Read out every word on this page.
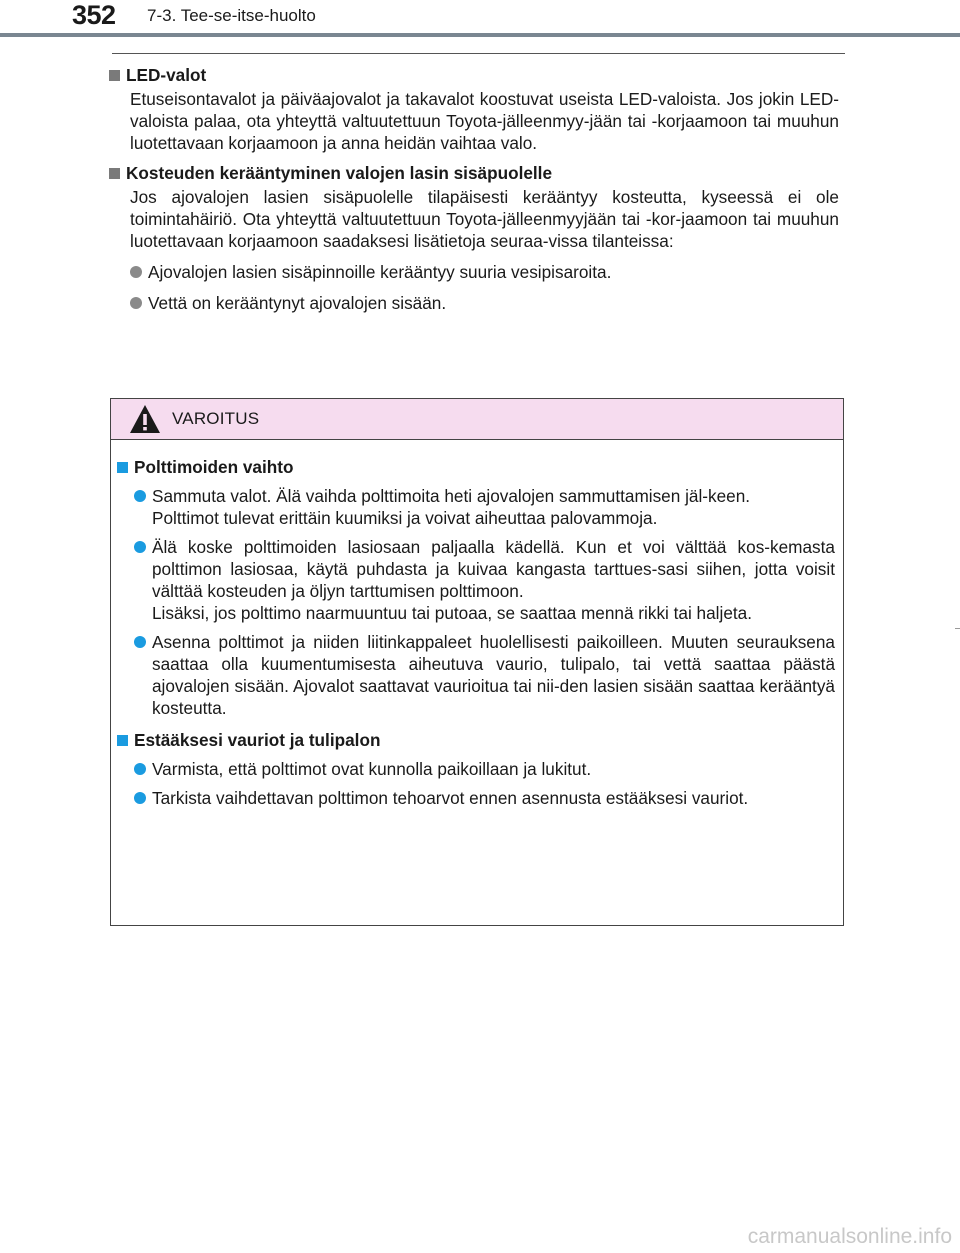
352 7-3. Tee-se-itse-huolto
LED-valot

Etuseisontavalot ja päiväajovalot ja takavalot koostuvat useista LED-valoista. Jos jokin LED-valoista palaa, ota yhteyttä valtuutettuun Toyota-jälleenmyy-jään tai -korjaamoon tai muuhun luotettavaan korjaamoon ja anna heidän vaihtaa valo.

Kosteuden kerääntyminen valojen lasin sisäpuolelle

Jos ajovalojen lasien sisäpuolelle tilapäisesti kerääntyy kosteutta, kyseessä ei ole toimintahäiriö. Ota yhteyttä valtuutettuun Toyota-jälleenmyyjään tai -kor-jaamoon tai muuhun luotettavaan korjaamoon saadaksesi lisätietoja seuraa-vissa tilanteissa:

Ajovalojen lasien sisäpinnoille kerääntyy suuria vesipisaroita.
Vettä on kerääntynyt ajovalojen sisään.
VAROITUS
Polttimoiden vaihto

Sammuta valot. Älä vaihda polttimoita heti ajovalojen sammuttamisen jäl-keen.

Polttimot tulevat erittäin kuumiksi ja voivat aiheuttaa palovammoja.

Älä koske polttimoiden lasiosaan paljaalla kädellä. Kun et voi välttää kos-kemasta polttimon lasiosaa, käytä puhdasta ja kuivaa kangasta tarttues-sasi siihen, jotta voisit välttää kosteuden ja öljyn tarttumisen polttimoon.

Lisäksi, jos polttimo naarmuuntuu tai putoaa, se saattaa mennä rikki tai haljeta.

Asenna polttimot ja niiden liitinkappaleet huolellisesti paikoilleen. Muuten seurauksena saattaa olla kuumentumisesta aiheutuva vaurio, tulipalo, tai vettä saattaa päästä ajovalojen sisään. Ajovalot saattavat vaurioitua tai nii-den lasien sisään saattaa kerääntyä kosteutta.

Estääksesi vauriot ja tulipalon

Varmista, että polttimot ovat kunnolla paikoillaan ja lukitut.

Tarkista vaihdettavan polttimon tehoarvot ennen asennusta estääksesi vauriot.

carmanualsonline.info
